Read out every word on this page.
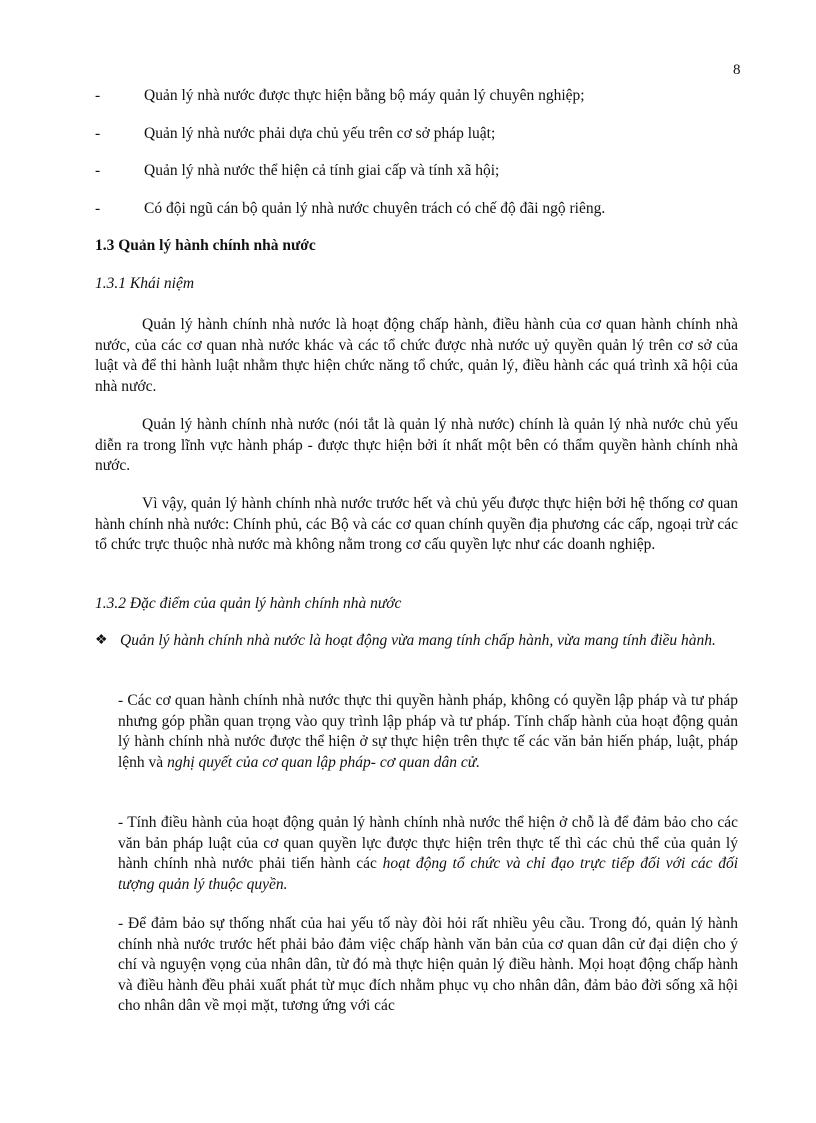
8
-	Quản lý nhà nước được thực hiện bằng bộ máy quản lý chuyên nghiệp;
-	Quản lý nhà nước phải dựa chủ yếu trên cơ sở pháp luật;
-	Quản lý nhà nước thể hiện cả tính giai cấp và tính xã hội;
-	Có đội ngũ cán bộ quản lý nhà nước chuyên trách có chế độ đãi ngộ riêng.
1.3 Quản lý hành chính nhà nước
1.3.1 Khái niệm

Quản lý hành chính nhà nước là hoạt động chấp hành, điều hành của cơ quan hành chính nhà nước, của các cơ quan nhà nước khác và các tổ chức được nhà nước uỷ quyền quản lý trên cơ sở của luật và để thi hành luật nhằm thực hiện chức năng tổ chức, quản lý, điều hành các quá trình xã hội của nhà nước.

Quản lý hành chính nhà nước (nói tắt là quản lý nhà nước) chính là quản lý nhà nước chủ yếu diễn ra trong lĩnh vực hành pháp - được thực hiện bởi ít nhất một bên có thẩm quyền hành chính nhà nước.

Vì vậy, quản lý hành chính nhà nước trước hết và chủ yếu được thực hiện bởi hệ thống cơ quan hành chính nhà nước: Chính phủ, các Bộ và các cơ quan chính quyền địa phương các cấp, ngoại trừ các tổ chức trực thuộc nhà nước mà không nằm trong cơ cấu quyền lực như các doanh nghiệp.

1.3.2 Đặc điểm của quản lý hành chính nhà nước
❖ Quản lý hành chính nhà nước là hoạt động vừa mang tính chấp hành, vừa mang tính điều hành.

- Các cơ quan hành chính nhà nước thực thi quyền hành pháp, không có quyền lập pháp và tư pháp nhưng góp phần quan trọng vào quy trình lập pháp và tư pháp. Tính chấp hành của hoạt động quản lý hành chính nhà nước được thể hiện ở sự thực hiện trên thực tế các văn bản hiến pháp, luật, pháp lệnh và nghị quyết của cơ quan lập pháp- cơ quan dân cử.

- Tính điều hành của hoạt động quản lý hành chính nhà nước thể hiện ở chỗ là để đảm bảo cho các văn bản pháp luật của cơ quan quyền lực được thực hiện trên thực tế thì các chủ thể của quản lý hành chính nhà nước phải tiến hành các hoạt động tổ chức và chỉ đạo trực tiếp đối với các đối tượng quản lý thuộc quyền.

- Để đảm bảo sự thống nhất của hai yếu tố này đòi hỏi rất nhiều yêu cầu. Trong đó, quản lý hành chính nhà nước trước hết phải bảo đảm việc chấp hành văn bản của cơ quan dân cử đại diện cho ý chí và nguyện vọng của nhân dân, từ đó mà thực hiện quản lý điều hành. Mọi hoạt động chấp hành và điều hành đều phải xuất phát từ mục đích nhằm phục vụ cho nhân dân, đảm bảo đời sống xã hội cho nhân dân về mọi mặt, tương ứng với các
